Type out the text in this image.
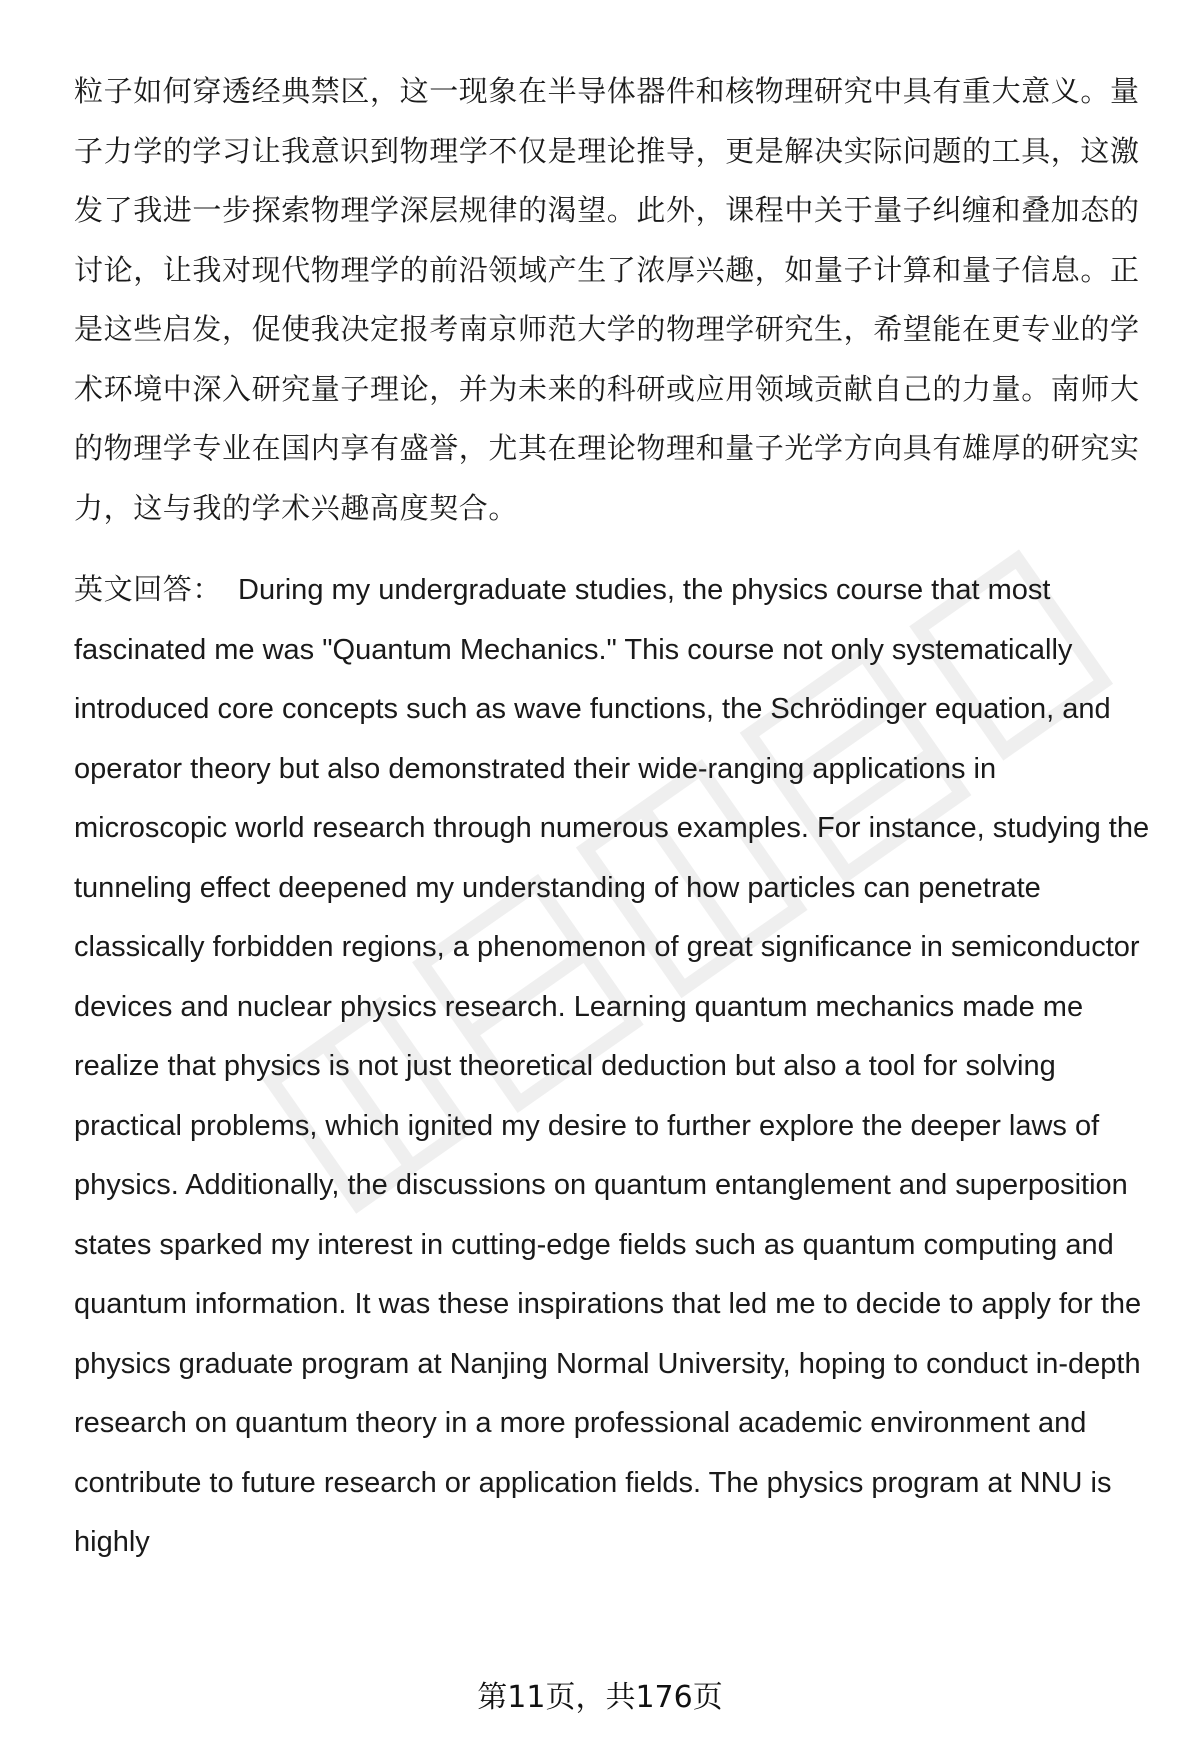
粒子如何穿透经典禁区，这一现象在半导体器件和核物理研究中具有重大意义。量子力学的学习让我意识到物理学不仅是理论推导，更是解决实际问题的工具，这激发了我进一步探索物理学深层规律的渴望。此外，课程中关于量子纠缠和叠加态的讨论，让我对现代物理学的前沿领域产生了浓厚兴趣，如量子计算和量子信息。正是这些启发，促使我决定报考南京师范大学的物理学研究生，希望能在更专业的学术环境中深入研究量子理论，并为未来的科研或应用领域贡献自己的力量。南师大的物理学专业在国内享有盛誉，尤其在理论物理和量子光学方向具有雄厚的研究实力，这与我的学术兴趣高度契合。

英文回答： During my undergraduate studies, the physics course that most fascinated me was "Quantum Mechanics." This course not only systematically introduced core concepts such as wave functions, the Schrödinger equation, and operator theory but also demonstrated their wide-ranging applications in microscopic world research through numerous examples. For instance, studying the tunneling effect deepened my understanding of how particles can penetrate classically forbidden regions, a phenomenon of great significance in semiconductor devices and nuclear physics research. Learning quantum mechanics made me realize that physics is not just theoretical deduction but also a tool for solving practical problems, which ignited my desire to further explore the deeper laws of physics. Additionally, the discussions on quantum entanglement and superposition states sparked my interest in cutting-edge fields such as quantum computing and quantum information. It was these inspirations that led me to decide to apply for the physics graduate program at Nanjing Normal University, hoping to conduct in-depth research on quantum theory in a more professional academic environment and contribute to future research or application fields. The physics program at NNU is highly

第11页，共176页
